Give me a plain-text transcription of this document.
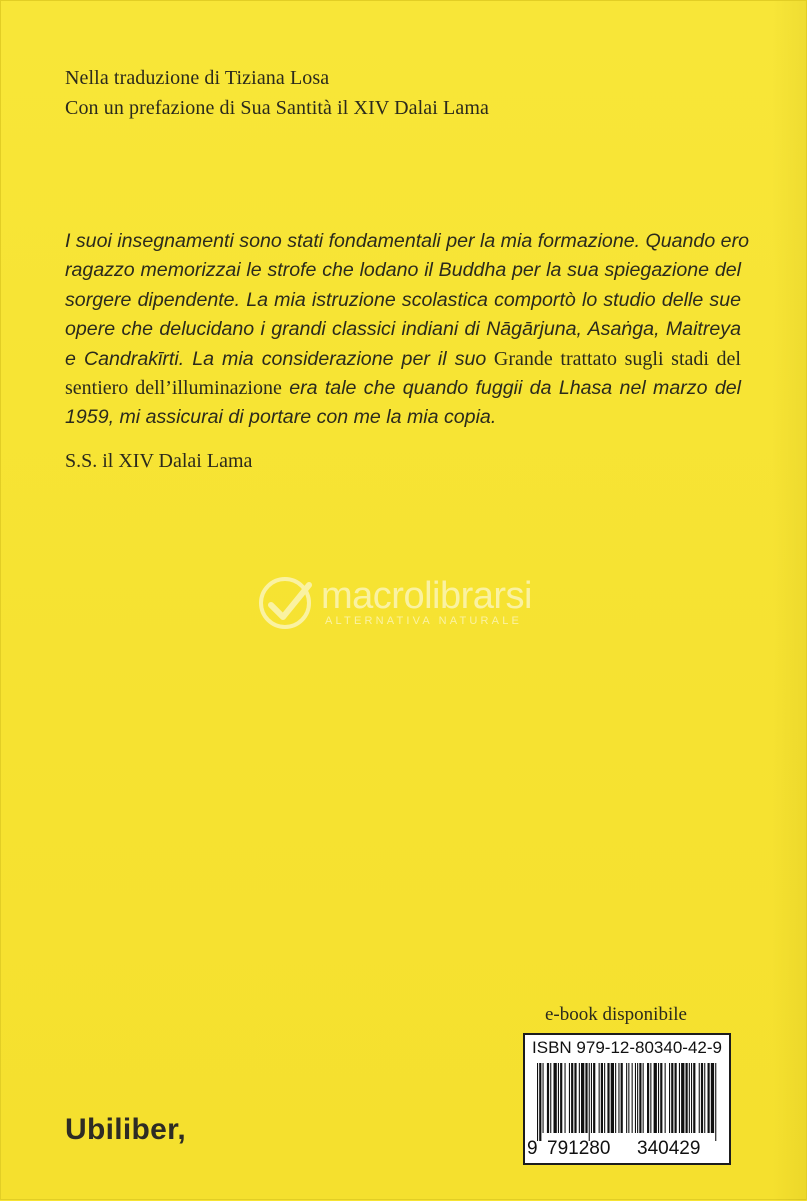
Nella traduzione di Tiziana Losa
Con un prefazione di Sua Santità il XIV Dalai Lama
I suoi insegnamenti sono stati fondamentali per la mia formazione. Quando ero
ragazzo memorizzai le strofe che lodano il Buddha per la sua spiegazione del
sorgere dipendente. La mia istruzione scolastica comportò lo studio delle sue
opere che delucidano i grandi classici indiani di Nāgārjuna, Asaṅga, Maitreya
e Candrakīrti. La mia considerazione per il suo Grande trattato sugli stadi del
sentiero dell’illuminazione era tale che quando fuggii da Lhasa nel marzo del
1959, mi assicurai di portare con me la mia copia.
S.S. il XIV Dalai Lama
macrolibrarsi
ALTERNATIVA NATURALE
e-book disponibile
ISBN 979-12-80340-42-9
9 791280 340429
Ubiliber,
